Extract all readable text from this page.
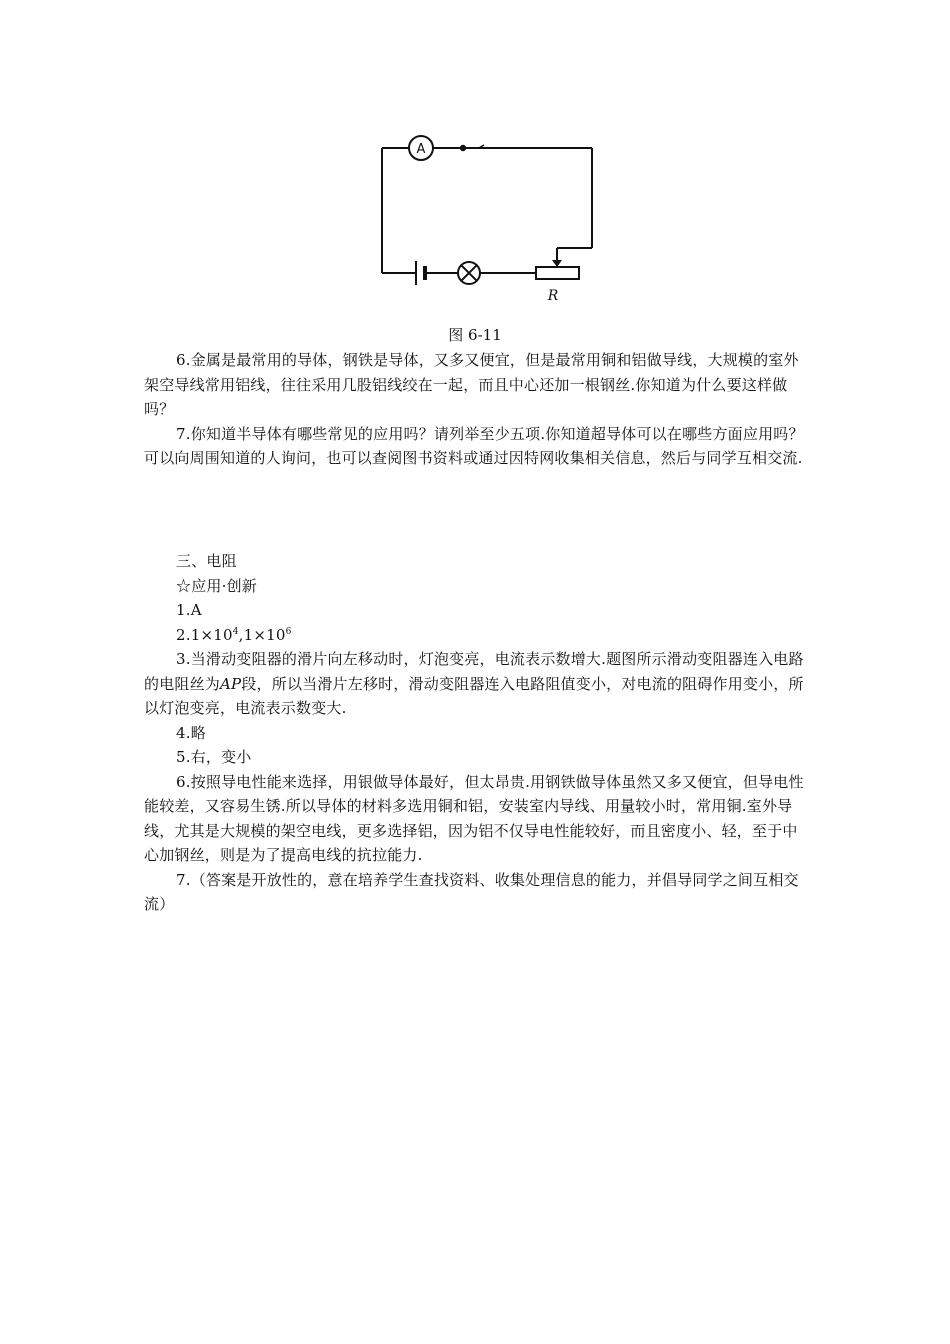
A
R
图 6-11

6.金属是最常用的导体，钢铁是导体，又多又便宜，但是最常用铜和铝做导线，大规模的室外架空导线常用铝线，往往采用几股铝线绞在一起，而且中心还加一根钢丝.你知道为什么要这样做吗？

7.你知道半导体有哪些常见的应用吗？请列举至少五项.你知道超导体可以在哪些方面应用吗？可以向周围知道的人询问，也可以查阅图书资料或通过因特网收集相关信息，然后与同学互相交流.

三、电阻

☆应用·创新

1.A

$2.1\times 10^4,1\times 10^6$

3.当滑动变阻器的滑片向左移动时，灯泡变亮，电流表示数增大.题图所示滑动变阻器连入电路的电阻丝为AP段，所以当滑片左移时，滑动变阻器连入电路阻值变小，对电流的阻碍作用变小，所以灯泡变亮，电流表示数变大.

4.略

5.右，变小

6.按照导电性能来选择，用银做导体最好，但太昂贵.用钢铁做导体虽然又多又便宜，但导电性能较差，又容易生锈.所以导体的材料多选用铜和铝，安装室内导线、用量较小时，常用铜.室外导线，尤其是大规模的架空电线，更多选择铝，因为铝不仅导电性能较好，而且密度小、轻，至于中心加钢丝，则是为了提高电线的抗拉能力.

7.（答案是开放性的，意在培养学生查找资料、收集处理信息的能力，并倡导同学之间互相交流）
